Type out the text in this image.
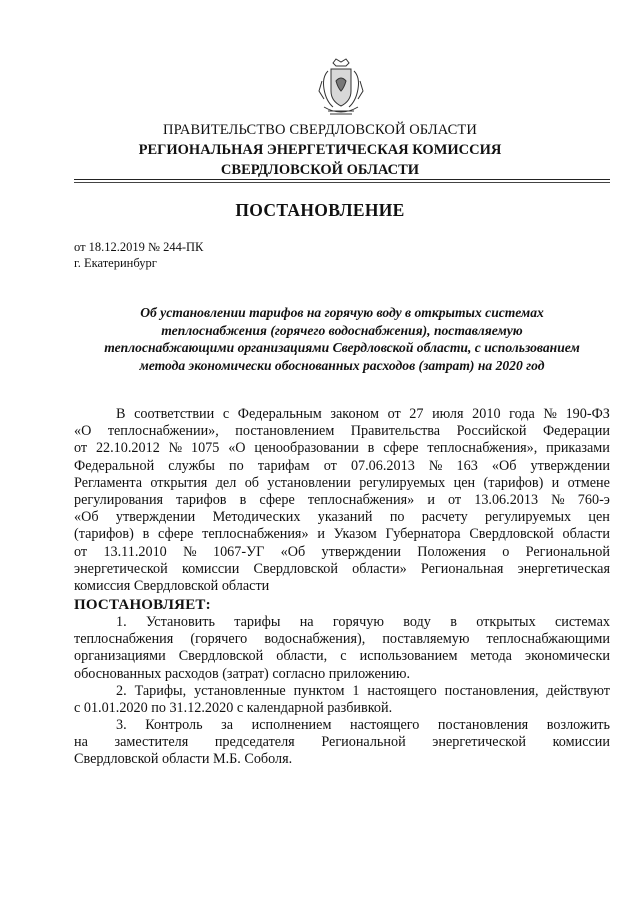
ПРАВИТЕЛЬСТВО СВЕРДЛОВСКОЙ ОБЛАСТИ
РЕГИОНАЛЬНАЯ ЭНЕРГЕТИЧЕСКАЯ КОМИССИЯ
СВЕРДЛОВСКОЙ ОБЛАСТИ
ПОСТАНОВЛЕНИЕ
от 18.12.2019 № 244-ПК
г. Екатеринбург
Об установлении тарифов на горячую воду в открытых системах
теплоснабжения (горячего водоснабжения), поставляемую
теплоснабжающими организациями Свердловской области, с использованием
метода экономически обоснованных расходов (затрат) на 2020 год
В соответствии с Федеральным законом от 27 июля 2010 года № 190-ФЗ
«О теплоснабжении», постановлением Правительства Российской Федерации
от 22.10.2012 № 1075 «О ценообразовании в сфере теплоснабжения», приказами
Федеральной службы по тарифам от 07.06.2013 № 163 «Об утверждении
Регламента открытия дел об установлении регулируемых цен (тарифов) и отмене
регулирования тарифов в сфере теплоснабжения» и от 13.06.2013 № 760-э
«Об утверждении Методических указаний по расчету регулируемых цен
(тарифов) в сфере теплоснабжения» и Указом Губернатора Свердловской области
от 13.11.2010 № 1067-УГ «Об утверждении Положения о Региональной
энергетической комиссии Свердловской области» Региональная энергетическая
комиссия Свердловской области
ПОСТАНОВЛЯЕТ:
1. Установить тарифы на горячую воду в открытых системах
теплоснабжения (горячего водоснабжения), поставляемую теплоснабжающими
организациями Свердловской области, с использованием метода экономически
обоснованных расходов (затрат) согласно приложению.
2. Тарифы, установленные пунктом 1 настоящего постановления, действуют
с 01.01.2020 по 31.12.2020 с календарной разбивкой.
3. Контроль за исполнением настоящего постановления возложить
на заместителя председателя Региональной энергетической комиссии
Свердловской области М.Б. Соболя.
